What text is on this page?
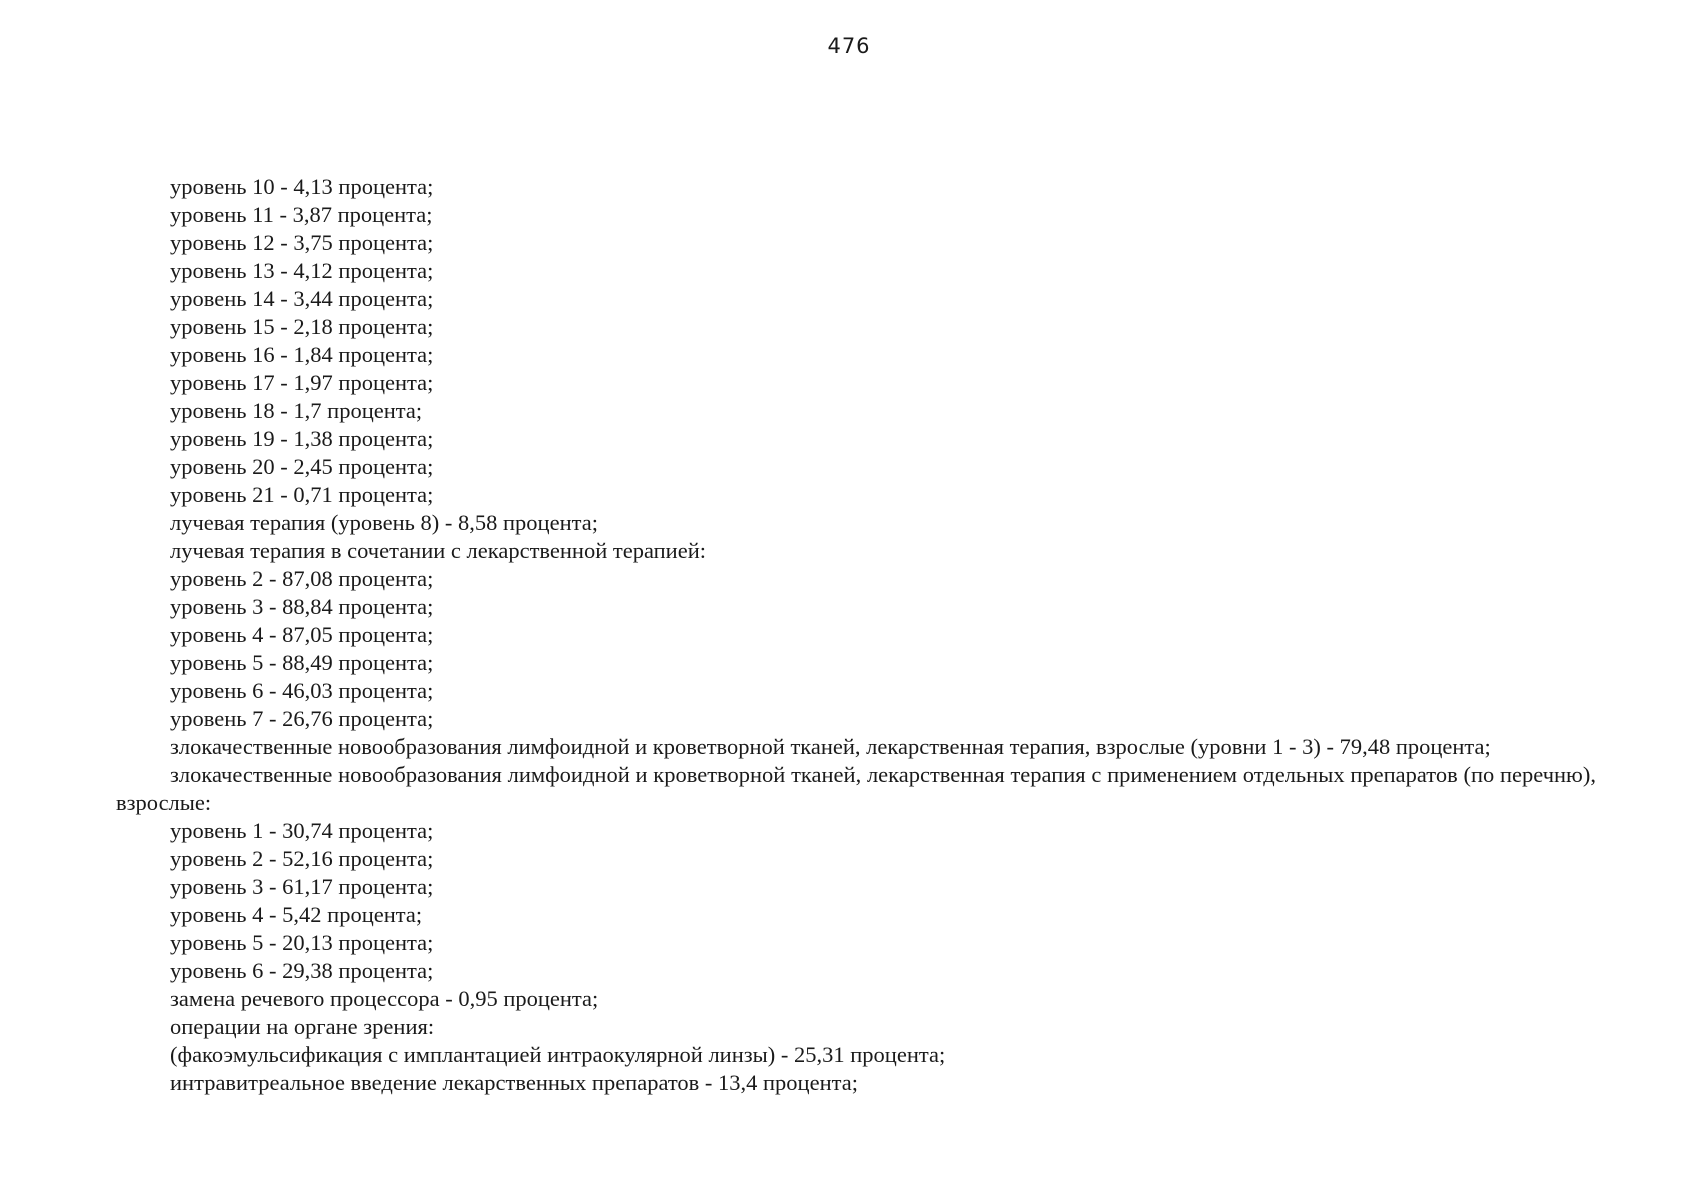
476

уровень 10 - 4,13 процента;

уровень 11 - 3,87 процента;

уровень 12 - 3,75 процента;

уровень 13 - 4,12 процента;

уровень 14 - 3,44 процента;

уровень 15 - 2,18 процента;

уровень 16 - 1,84 процента;

уровень 17 - 1,97 процента;

уровень 18 - 1,7 процента;

уровень 19 - 1,38 процента;

уровень 20 - 2,45 процента;

уровень 21 - 0,71 процента;

лучевая терапия (уровень 8) - 8,58 процента;

лучевая терапия в сочетании с лекарственной терапией:

уровень 2 - 87,08 процента;

уровень 3 - 88,84 процента;

уровень 4 - 87,05 процента;

уровень 5 - 88,49 процента;

уровень 6 - 46,03 процента;

уровень 7 - 26,76 процента;

злокачественные новообразования лимфоидной и кроветворной тканей, лекарственная терапия, взрослые (уровни 1 - 3) - 79,48 процента;

злокачественные новообразования лимфоидной и кроветворной тканей, лекарственная терапия с применением отдельных препаратов (по перечню), взрослые:

уровень 1 - 30,74 процента;

уровень 2 - 52,16 процента;

уровень 3 - 61,17 процента;

уровень 4 - 5,42 процента;

уровень 5 - 20,13 процента;

уровень 6 - 29,38 процента;

замена речевого процессора - 0,95 процента;

операции на органе зрения:

(факоэмульсификация с имплантацией интраокулярной линзы) - 25,31 процента;

интравитреальное введение лекарственных препаратов - 13,4 процента;
